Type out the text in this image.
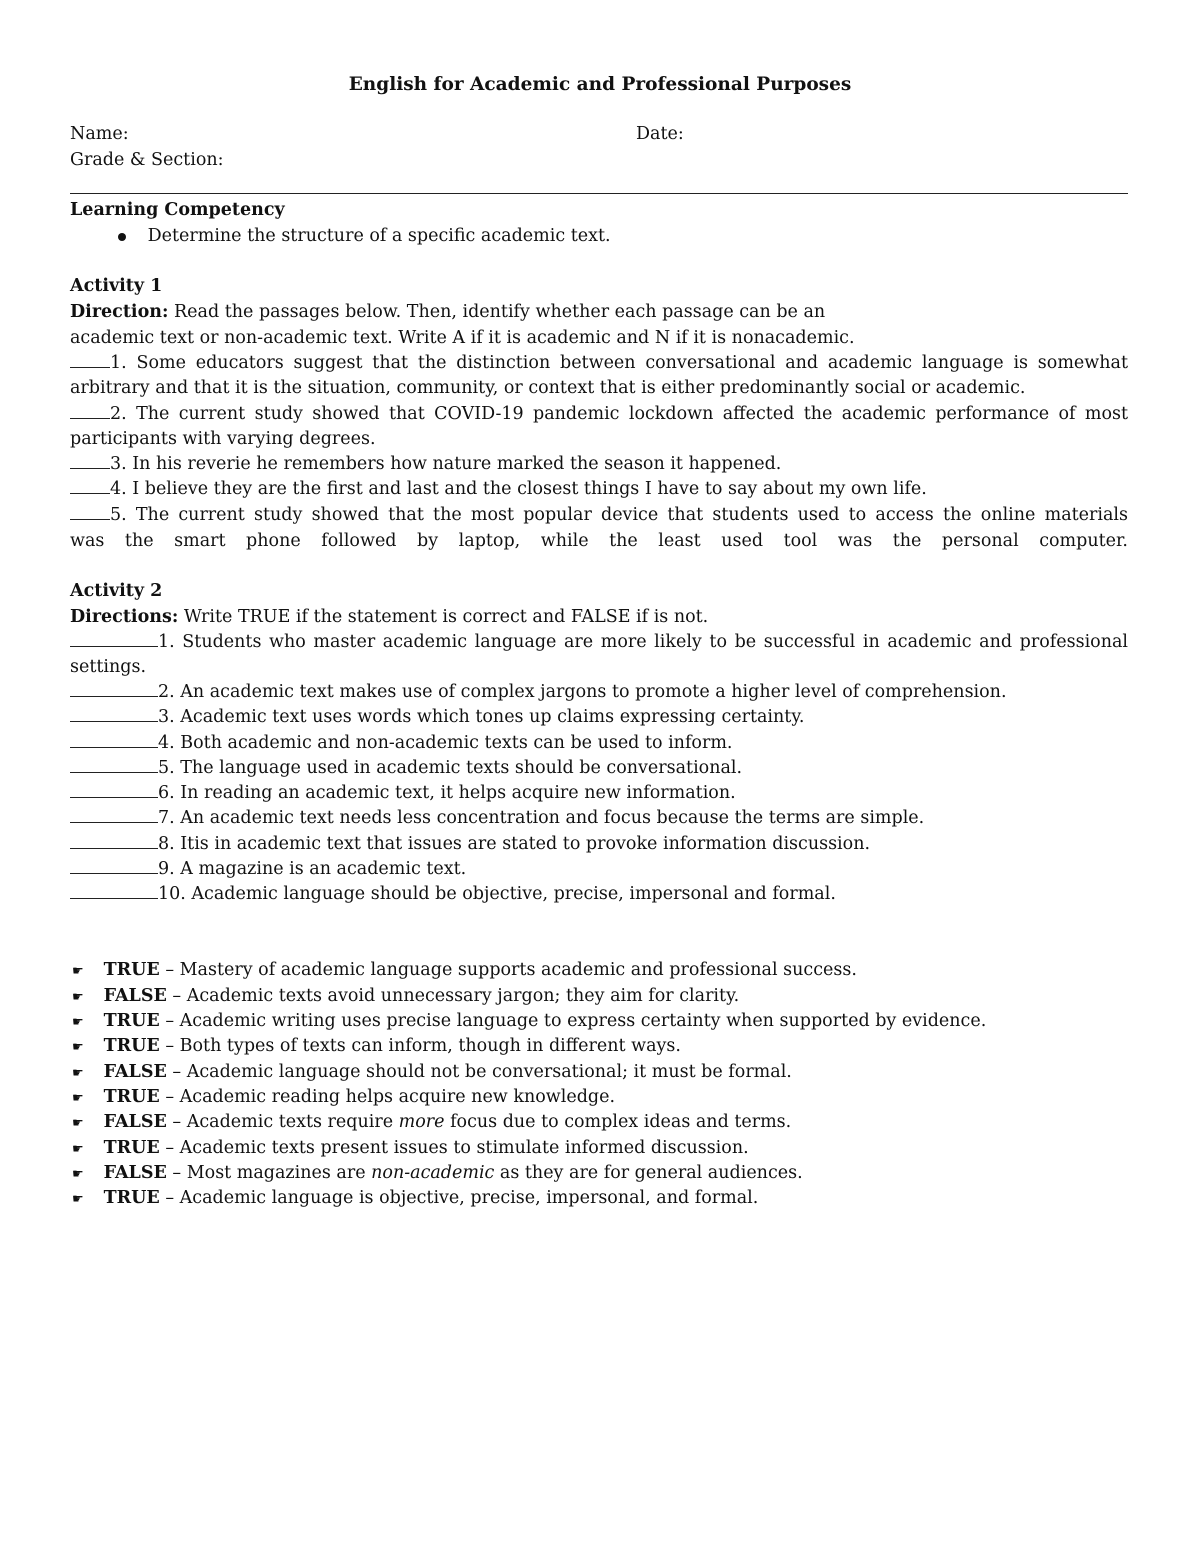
English for Academic and Professional Purposes
Name:	Date:
Grade & Section:
Learning Competency
Determine the structure of a specific academic text.
Activity 1
Direction: Read the passages below. Then, identify whether each passage can be an
academic text or non-academic text. Write A if it is academic and N if it is nonacademic.
1. Some educators suggest that the distinction between conversational and academic language is somewhat
arbitrary and that it is the situation, community, or context that is either predominantly social or academic.
2. The current study showed that COVID-19 pandemic lockdown affected the academic performance of most
participants with varying degrees.
3. In his reverie he remembers how nature marked the season it happened.
4. I believe they are the first and last and the closest things I have to say about my own life.
5. The current study showed that the most popular device that students used to access the online materials
was the smart phone followed by laptop, while the least used tool was the personal computer.
Activity 2
Directions: Write TRUE if the statement is correct and FALSE if is not.
1. Students who master academic language are more likely to be successful in academic and professional
settings.
2. An academic text makes use of complex jargons to promote a higher level of comprehension.
3. Academic text uses words which tones up claims expressing certainty.
4. Both academic and non-academic texts can be used to inform.
5. The language used in academic texts should be conversational.
6. In reading an academic text, it helps acquire new information.
7. An academic text needs less concentration and focus because the terms are simple.
8. Itis in academic text that issues are stated to provoke information discussion.
9. A magazine is an academic text.
10. Academic language should be objective, precise, impersonal and formal.
☛ TRUE – Mastery of academic language supports academic and professional success.
☛ FALSE – Academic texts avoid unnecessary jargon; they aim for clarity.
☛ TRUE – Academic writing uses precise language to express certainty when supported by evidence.
☛ TRUE – Both types of texts can inform, though in different ways.
☛ FALSE – Academic language should not be conversational; it must be formal.
☛ TRUE – Academic reading helps acquire new knowledge.
☛ FALSE – Academic texts require more focus due to complex ideas and terms.
☛ TRUE – Academic texts present issues to stimulate informed discussion.
☛ FALSE – Most magazines are non-academic as they are for general audiences.
☛ TRUE – Academic language is objective, precise, impersonal, and formal.
